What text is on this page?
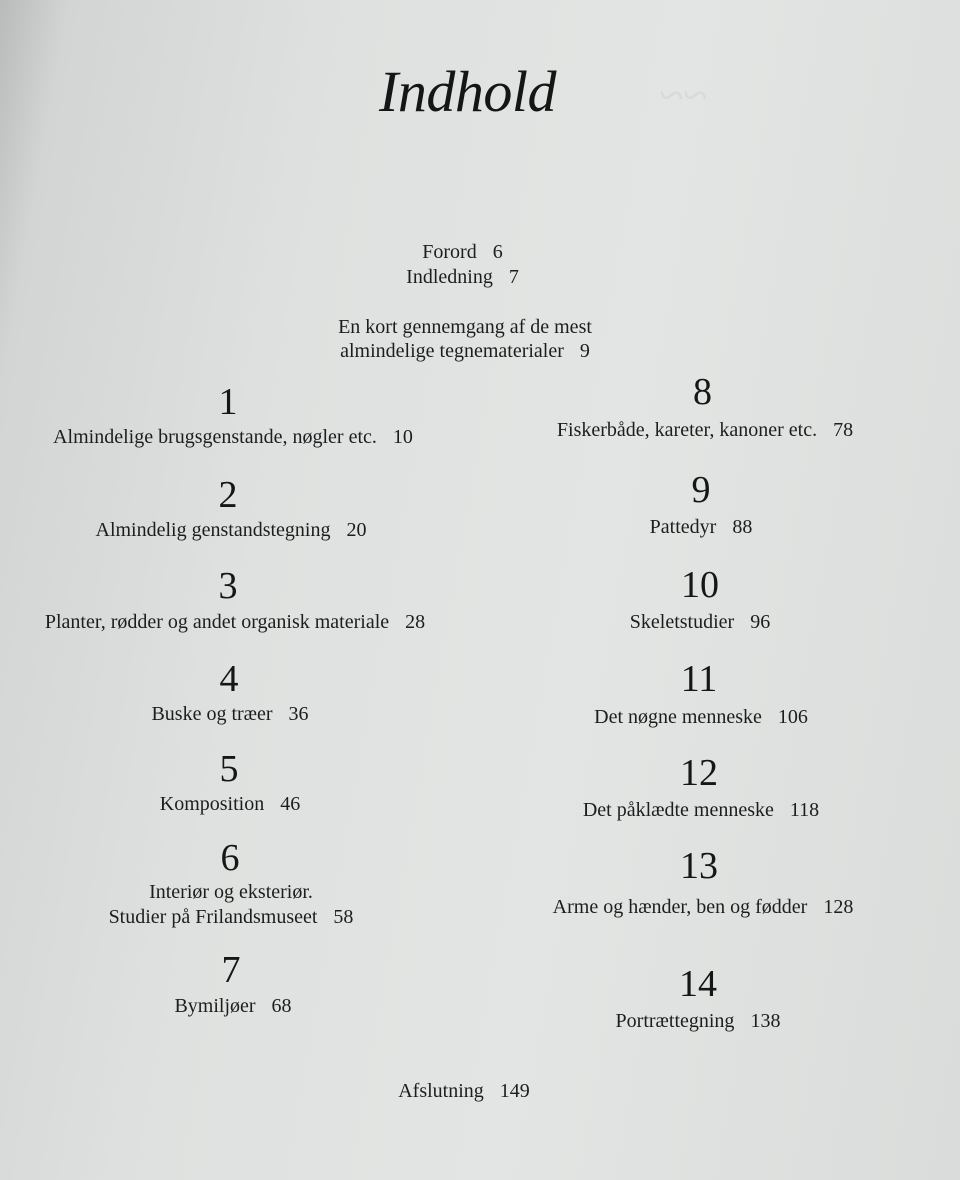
~~
Indhold
Forord 6
Indledning 7
En kort gennemgang af de mest
almindelige tegnematerialer 9
1
Almindelige brugsgenstande, nøgler etc. 10
2
Almindelig genstandstegning 20
3
Planter, rødder og andet organisk materiale 28
4
Buske og træer 36
5
Komposition 46
6
Interiør og eksteriør.
Studier på Frilandsmuseet 58
7
Bymiljøer 68
8
Fiskerbåde, kareter, kanoner etc. 78
9
Pattedyr 88
10
Skeletstudier 96
11
Det nøgne menneske 106
12
Det påklædte menneske 118
13
Arme og hænder, ben og fødder 128
14
Portrættegning 138
Afslutning 149
